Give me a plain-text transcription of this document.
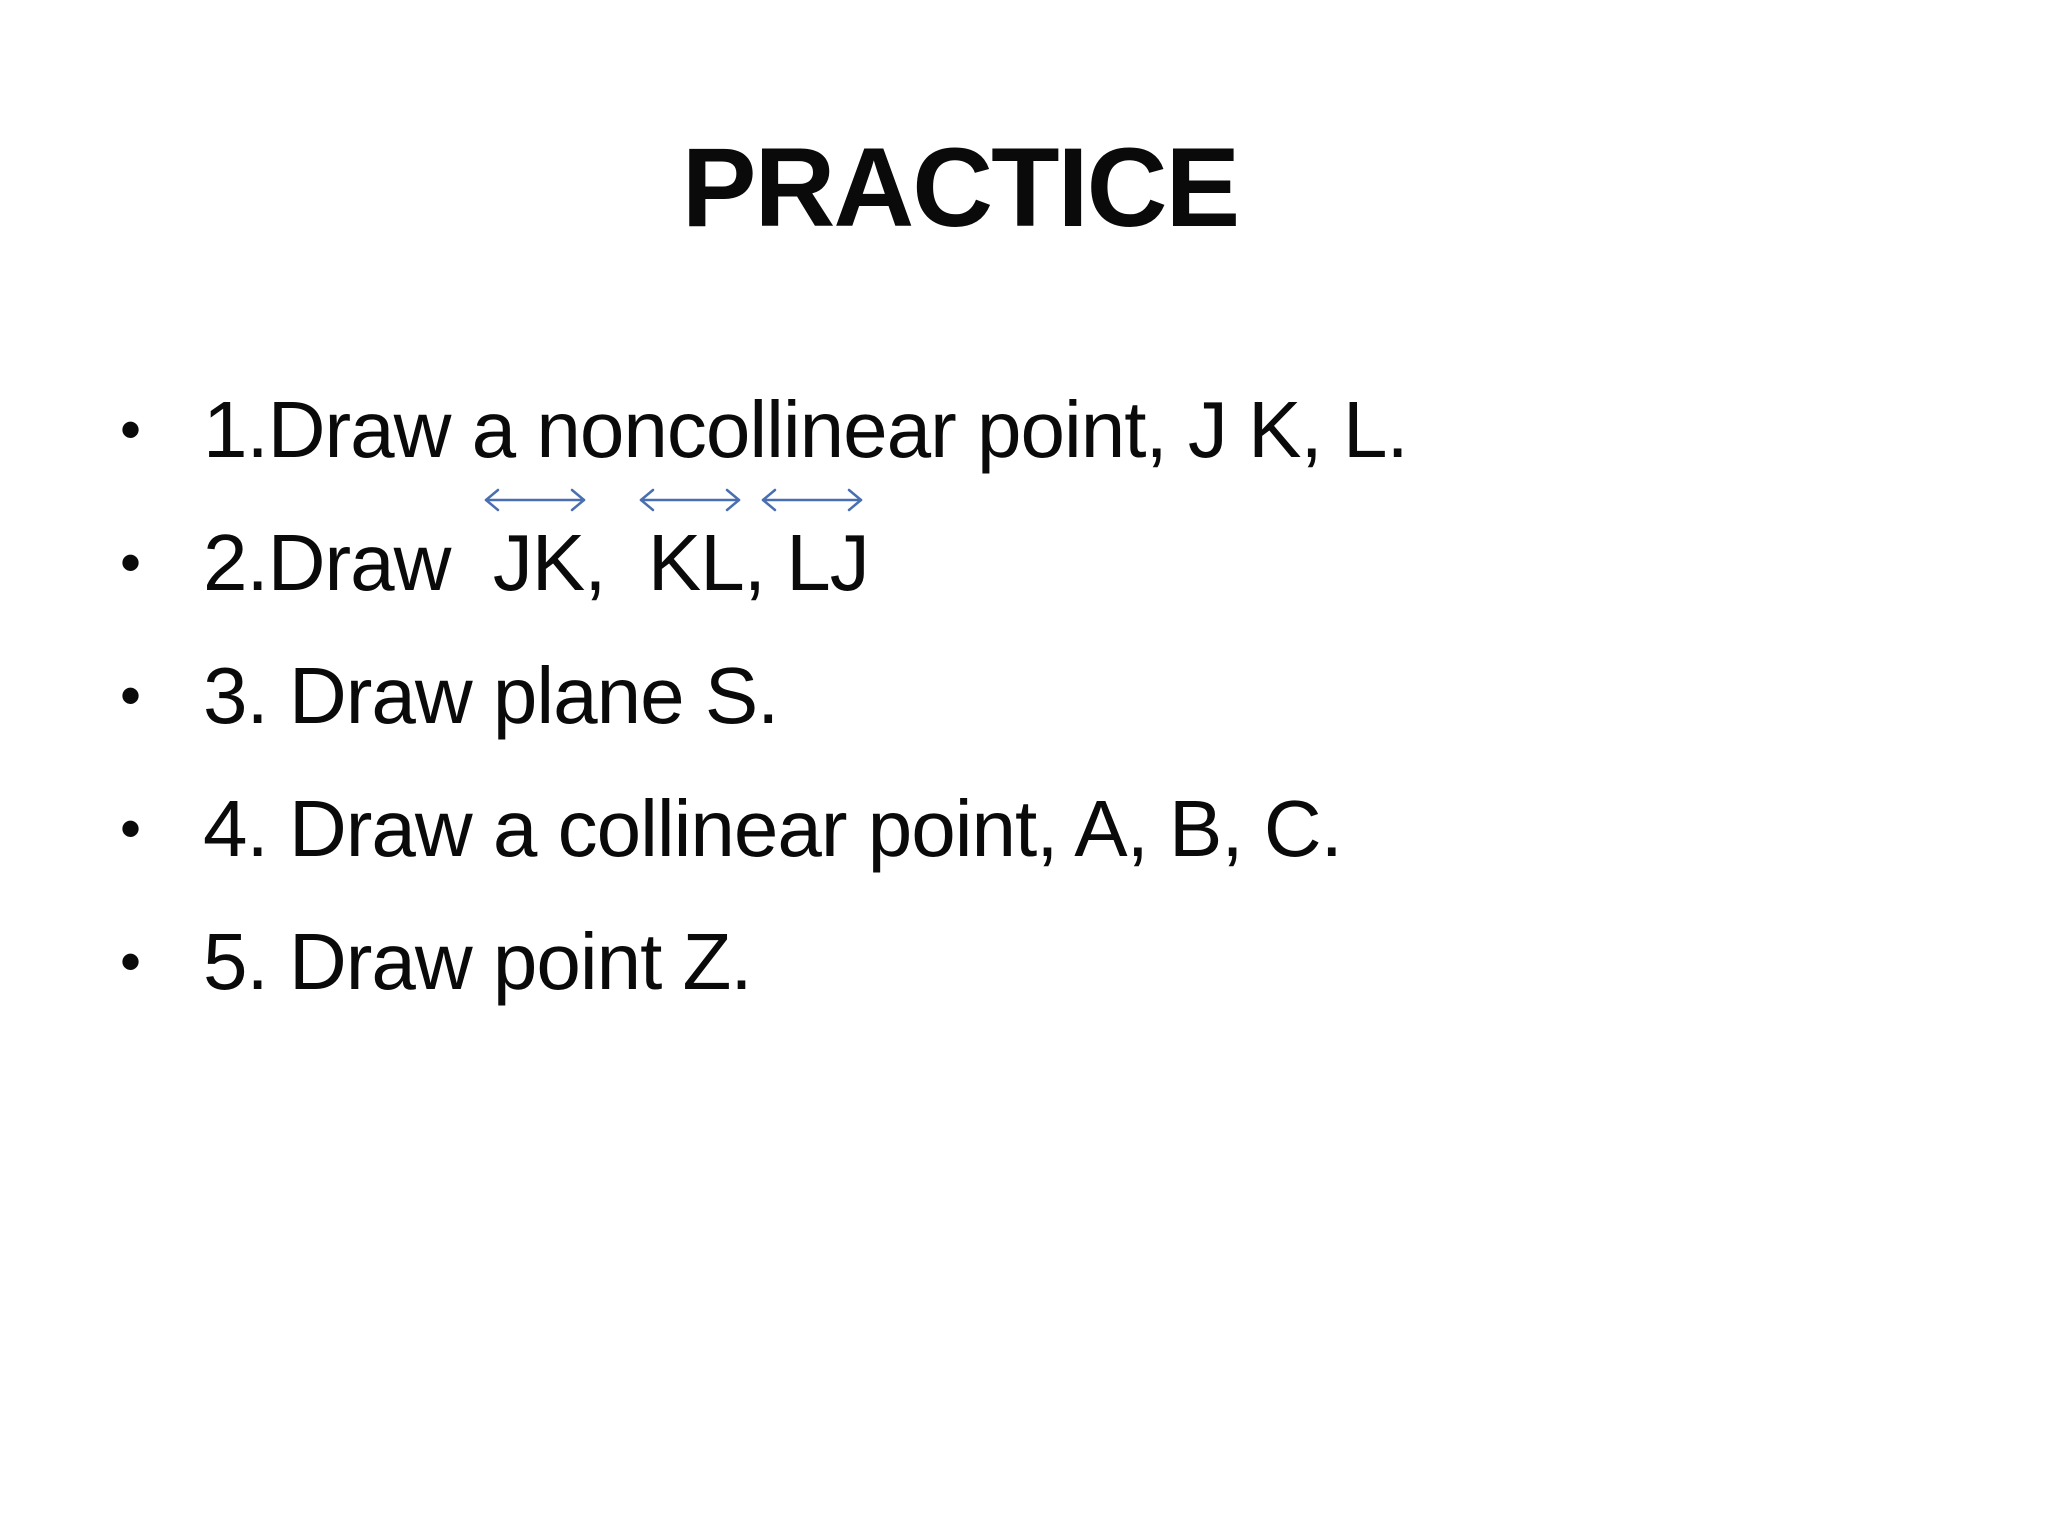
PRACTICE
• 1.Draw a noncollinear point, J K, L.
• 2.Draw  JK,  KL, LJ
• 3. Draw plane S.
• 4. Draw a collinear point, A, B, C.
• 5. Draw point Z.
